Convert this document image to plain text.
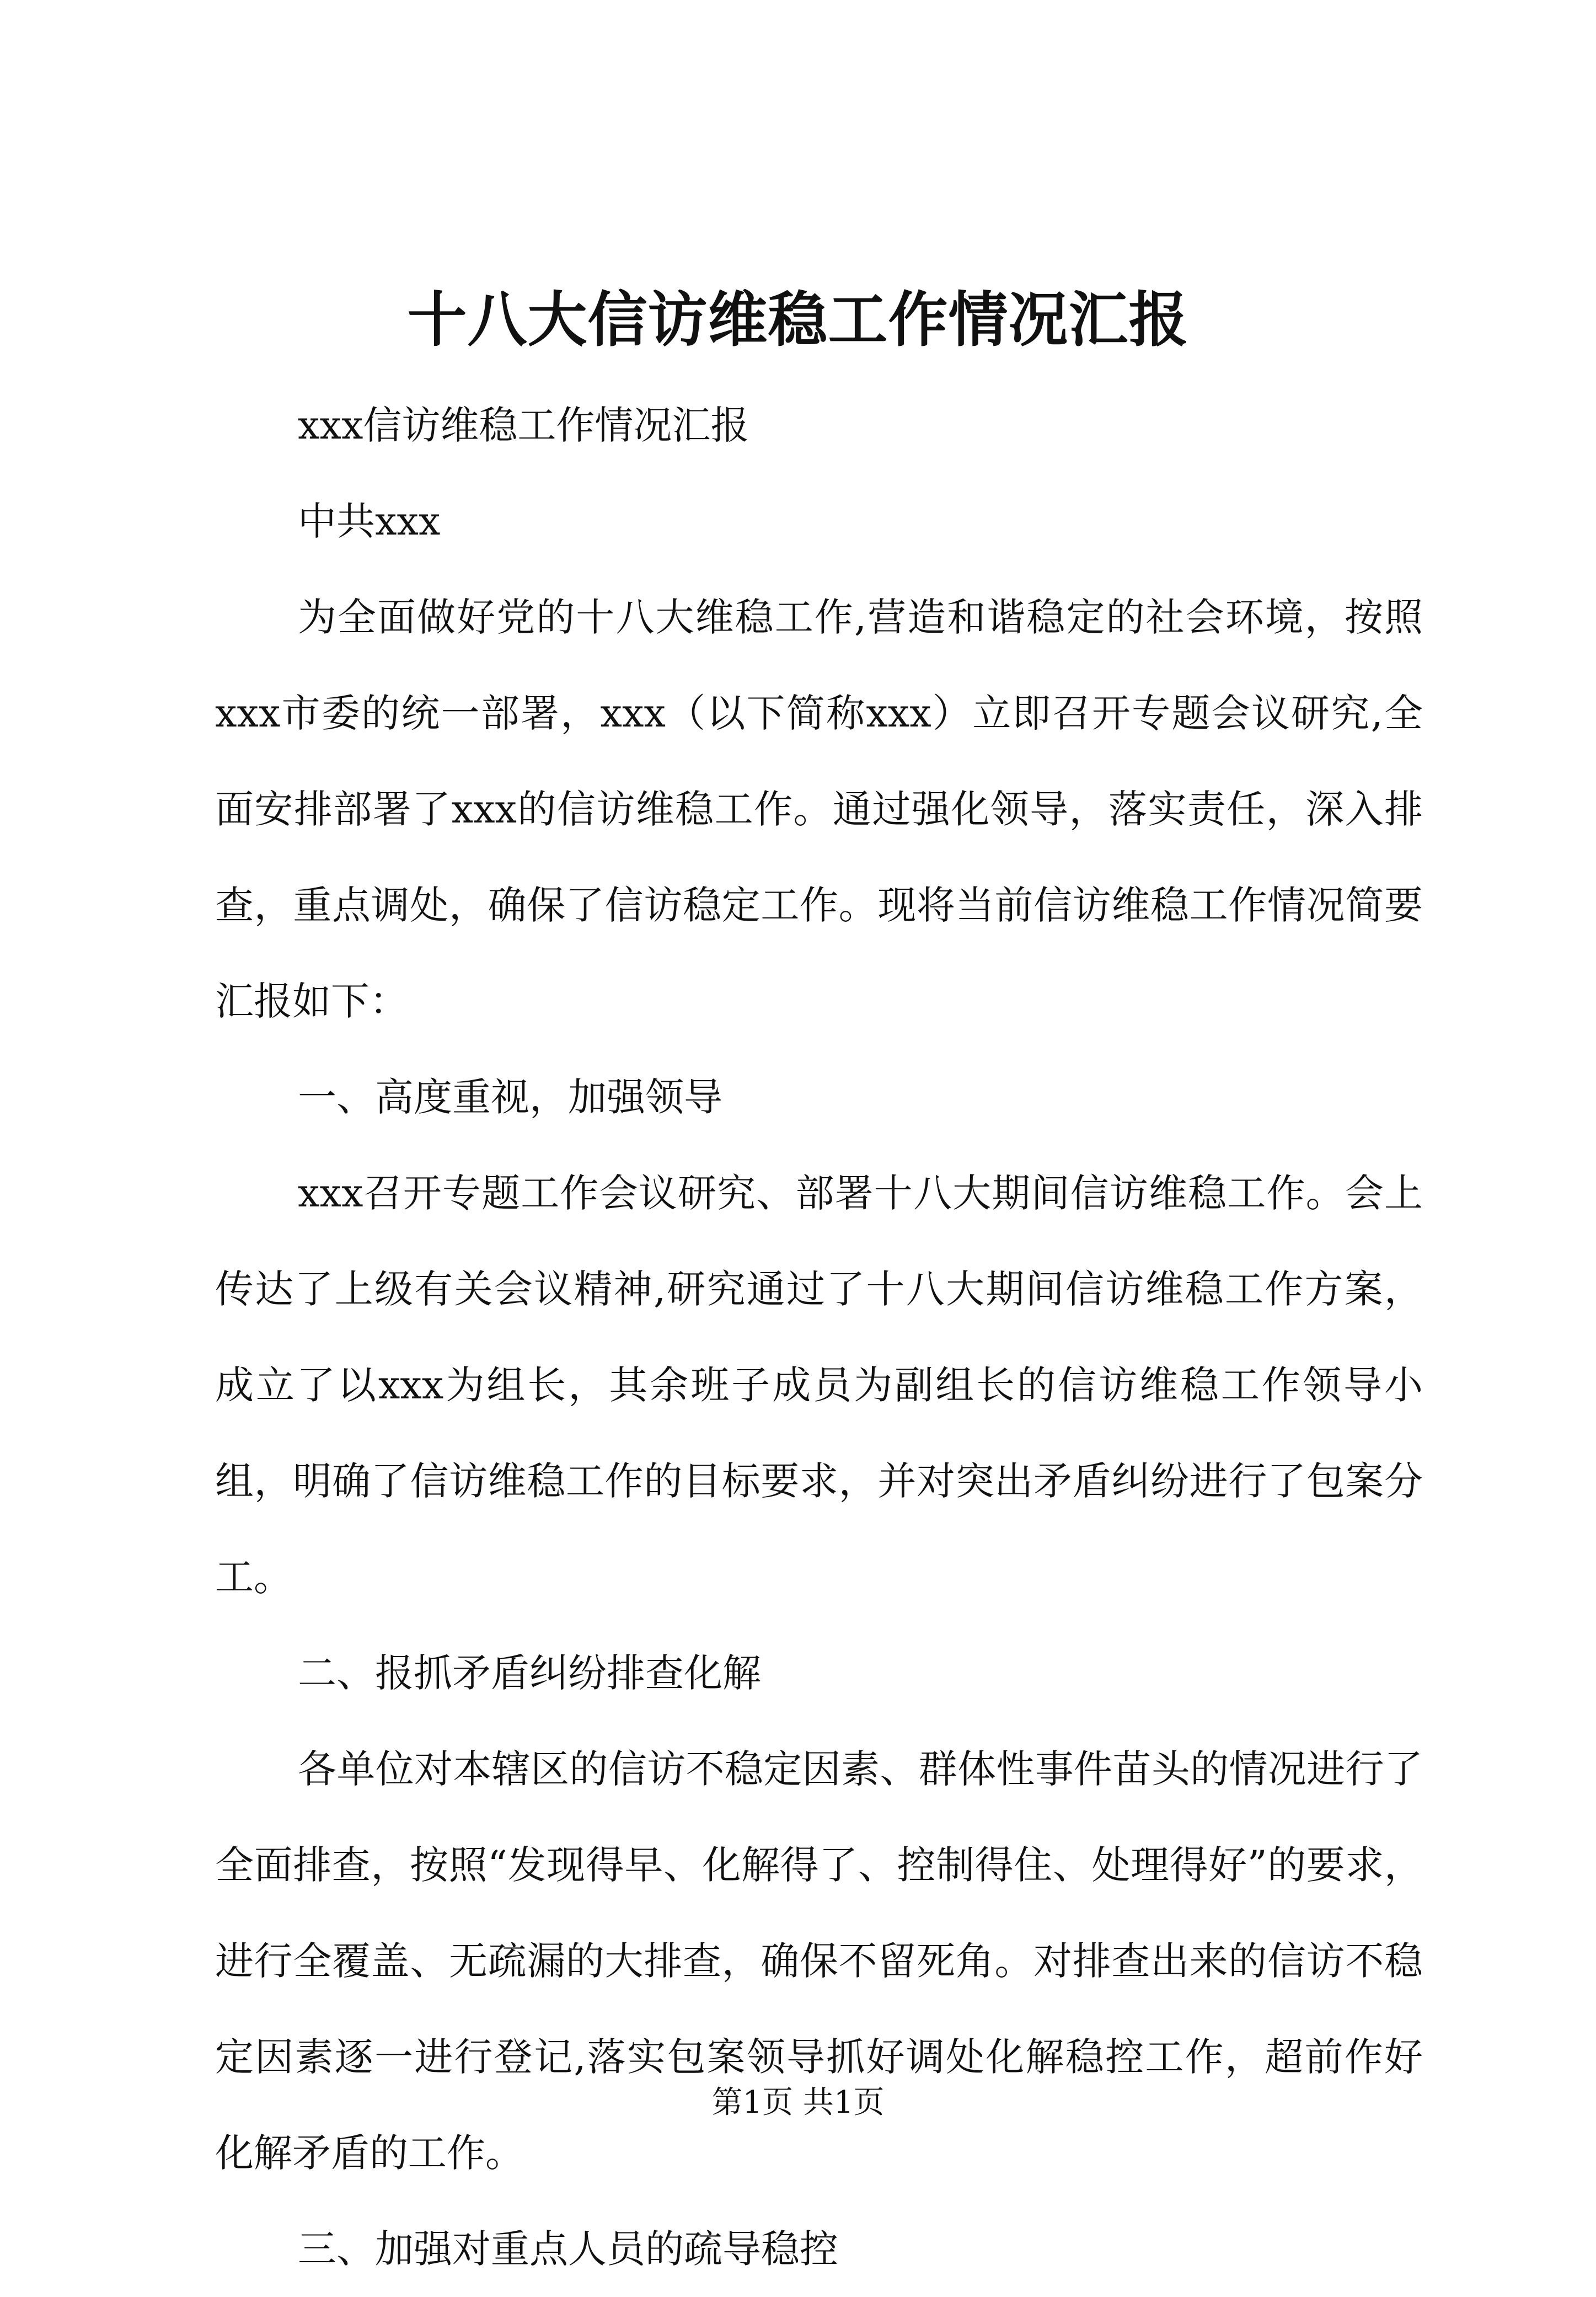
十八大信访维稳工作情况汇报

xxx信访维稳工作情况汇报

中共xxx

为全面做好党的十八大维稳工作,营造和谐稳定的社会环境，按照xxx市委的统一部署，xxx（以下简称xxx）立即召开专题会议研究,全面安排部署了xxx的信访维稳工作。通过强化领导，落实责任，深入排查，重点调处，确保了信访稳定工作。现将当前信访维稳工作情况简要汇报如下：

一、高度重视，加强领导

xxx召开专题工作会议研究、部署十八大期间信访维稳工作。会上传达了上级有关会议精神,研究通过了十八大期间信访维稳工作方案，成立了以xxx为组长，其余班子成员为副组长的信访维稳工作领导小组，明确了信访维稳工作的目标要求，并对突出矛盾纠纷进行了包案分工。

二、报抓矛盾纠纷排查化解

各单位对本辖区的信访不稳定因素、群体性事件苗头的情况进行了全面排查，按照“发现得早、化解得了、控制得住、处理得好”的要求，进行全覆盖、无疏漏的大排查，确保不留死角。对排查出来的信访不稳定因素逐一进行登记,落实包案领导抓好调处化解稳控工作，超前作好化解矛盾的工作。

三、加强对重点人员的疏导稳控

第1页 共1页
